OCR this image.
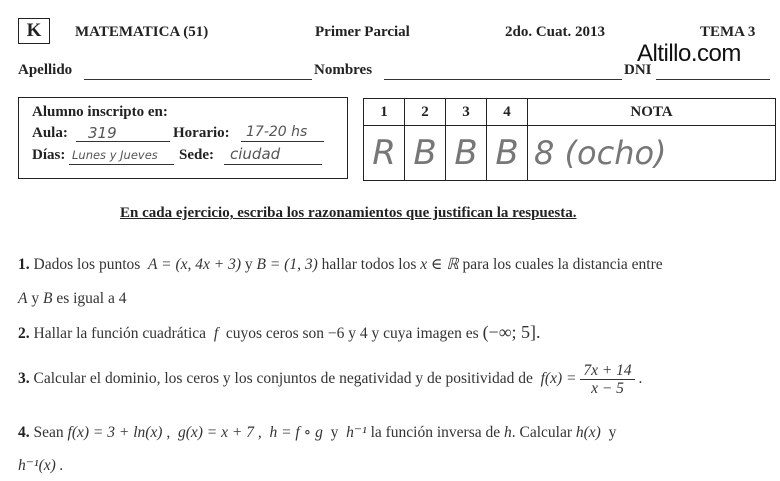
K	MATEMATICA (51)	Primer Parcial	2do. Cuat. 2013	TEMA 3
Altillo.com
Apellido	Nombres	DNI
Alumno inscripto en:
Aula: 319	Horario: 17-20 hs
Días: Lunes y Jueves Sede: ciudad
1	2	3	4	NOTA
R	B	B	B	8 (ocho)
En cada ejercicio, escriba los razonamientos que justifican la respuesta.
1. Dados los puntos A = (x, 4x + 3) y B = (1, 3) hallar todos los x ∈ ℝ para los cuales la distancia entre
A y B es igual a 4
2. Hallar la función cuadrática f cuyos ceros son −6 y 4 y cuya imagen es (−∞; 5].
3. Calcular el dominio, los ceros y los conjuntos de negatividad y de positividad de $f(x) = \frac{7x + 14}{x - 5}$ .
4. Sean f(x) = 3 + ln(x) , g(x) = x + 7 , h = f ∘ g y h⁻¹ la función inversa de h. Calcular h(x) y
h⁻¹(x) .
